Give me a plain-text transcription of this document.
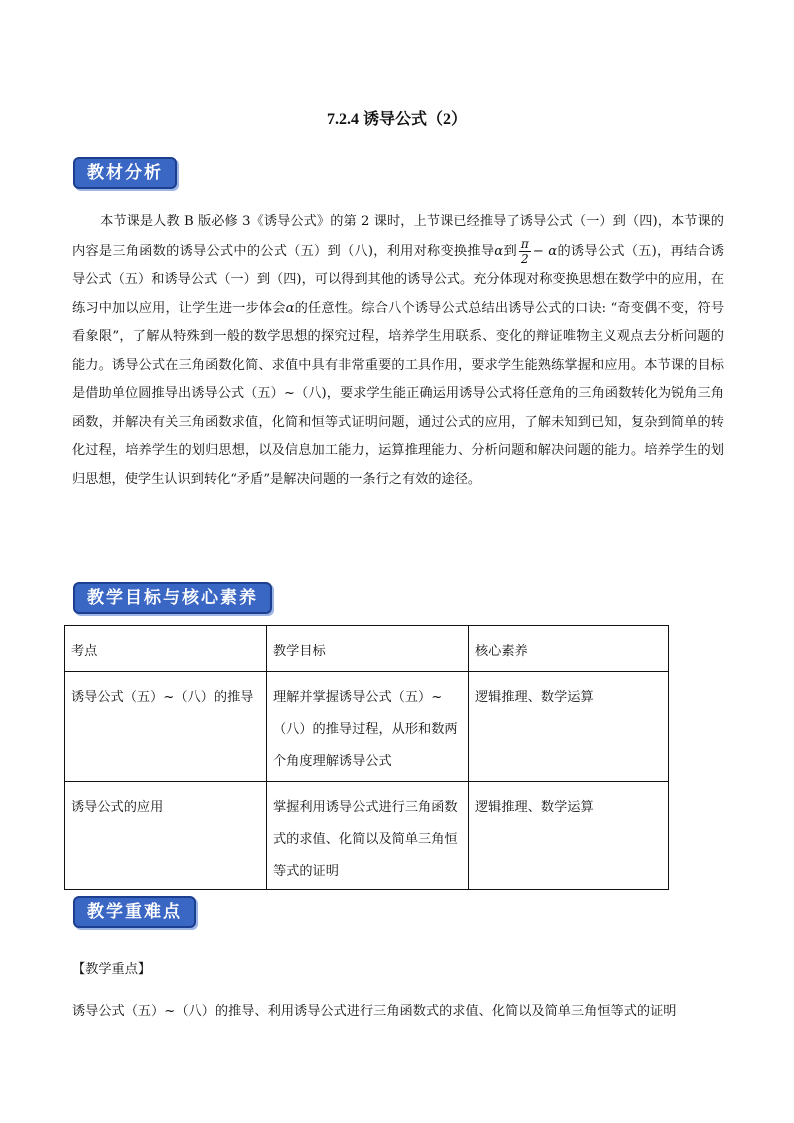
7.2.4 诱导公式（2）
教材分析

本节课是人教 B 版必修 3《诱导公式》的第 2 课时，上节课已经推导了诱导公式（一）到（四)，本节课的内容是三角函数的诱导公式中的公式（五）到（八)，利用对称变换推导α到 $\frac{\pi}{2} - \alpha$的诱导公式（五)，再结合诱导公式（五）和诱导公式（一）到（四)，可以得到其他的诱导公式。充分体现对称变换思想在数学中的应用，在练习中加以应用，让学生进一步体会α的任意性。综合八个诱导公式总结出诱导公式的口诀: “奇变偶不变，符号看象限”，了解从特殊到一般的数学思想的探究过程，培养学生用联系、变化的辩证唯物主义观点去分析问题的能力。诱导公式在三角函数化简、求值中具有非常重要的工具作用，要求学生能熟练掌握和应用。本节课的目标是借助单位圆推导出诱导公式（五）~（八)，要求学生能正确运用诱导公式将任意角的三角函数转化为锐角三角函数，并解决有关三角函数求值，化简和恒等式证明问题，通过公式的应用，了解未知到已知，复杂到简单的转化过程，培养学生的划归思想，以及信息加工能力，运算推理能力、分析问题和解决问题的能力。培养学生的划归思想，使学生认识到转化“矛盾”是解决问题的一条行之有效的途径。

教学目标与核心素养
考点	教学目标	核心素养
诱导公式（五）~（八）的推导	理解并掌握诱导公式（五）~（八）的推导过程，从形和数两个角度理解诱导公式	逻辑推理、数学运算
诱导公式的应用	掌握利用诱导公式进行三角函数式的求值、化简以及简单三角恒等式的证明	逻辑推理、数学运算
教学重难点
【教学重点】
诱导公式（五）~（八）的推导、利用诱导公式进行三角函数式的求值、化简以及简单三角恒等式的证明
